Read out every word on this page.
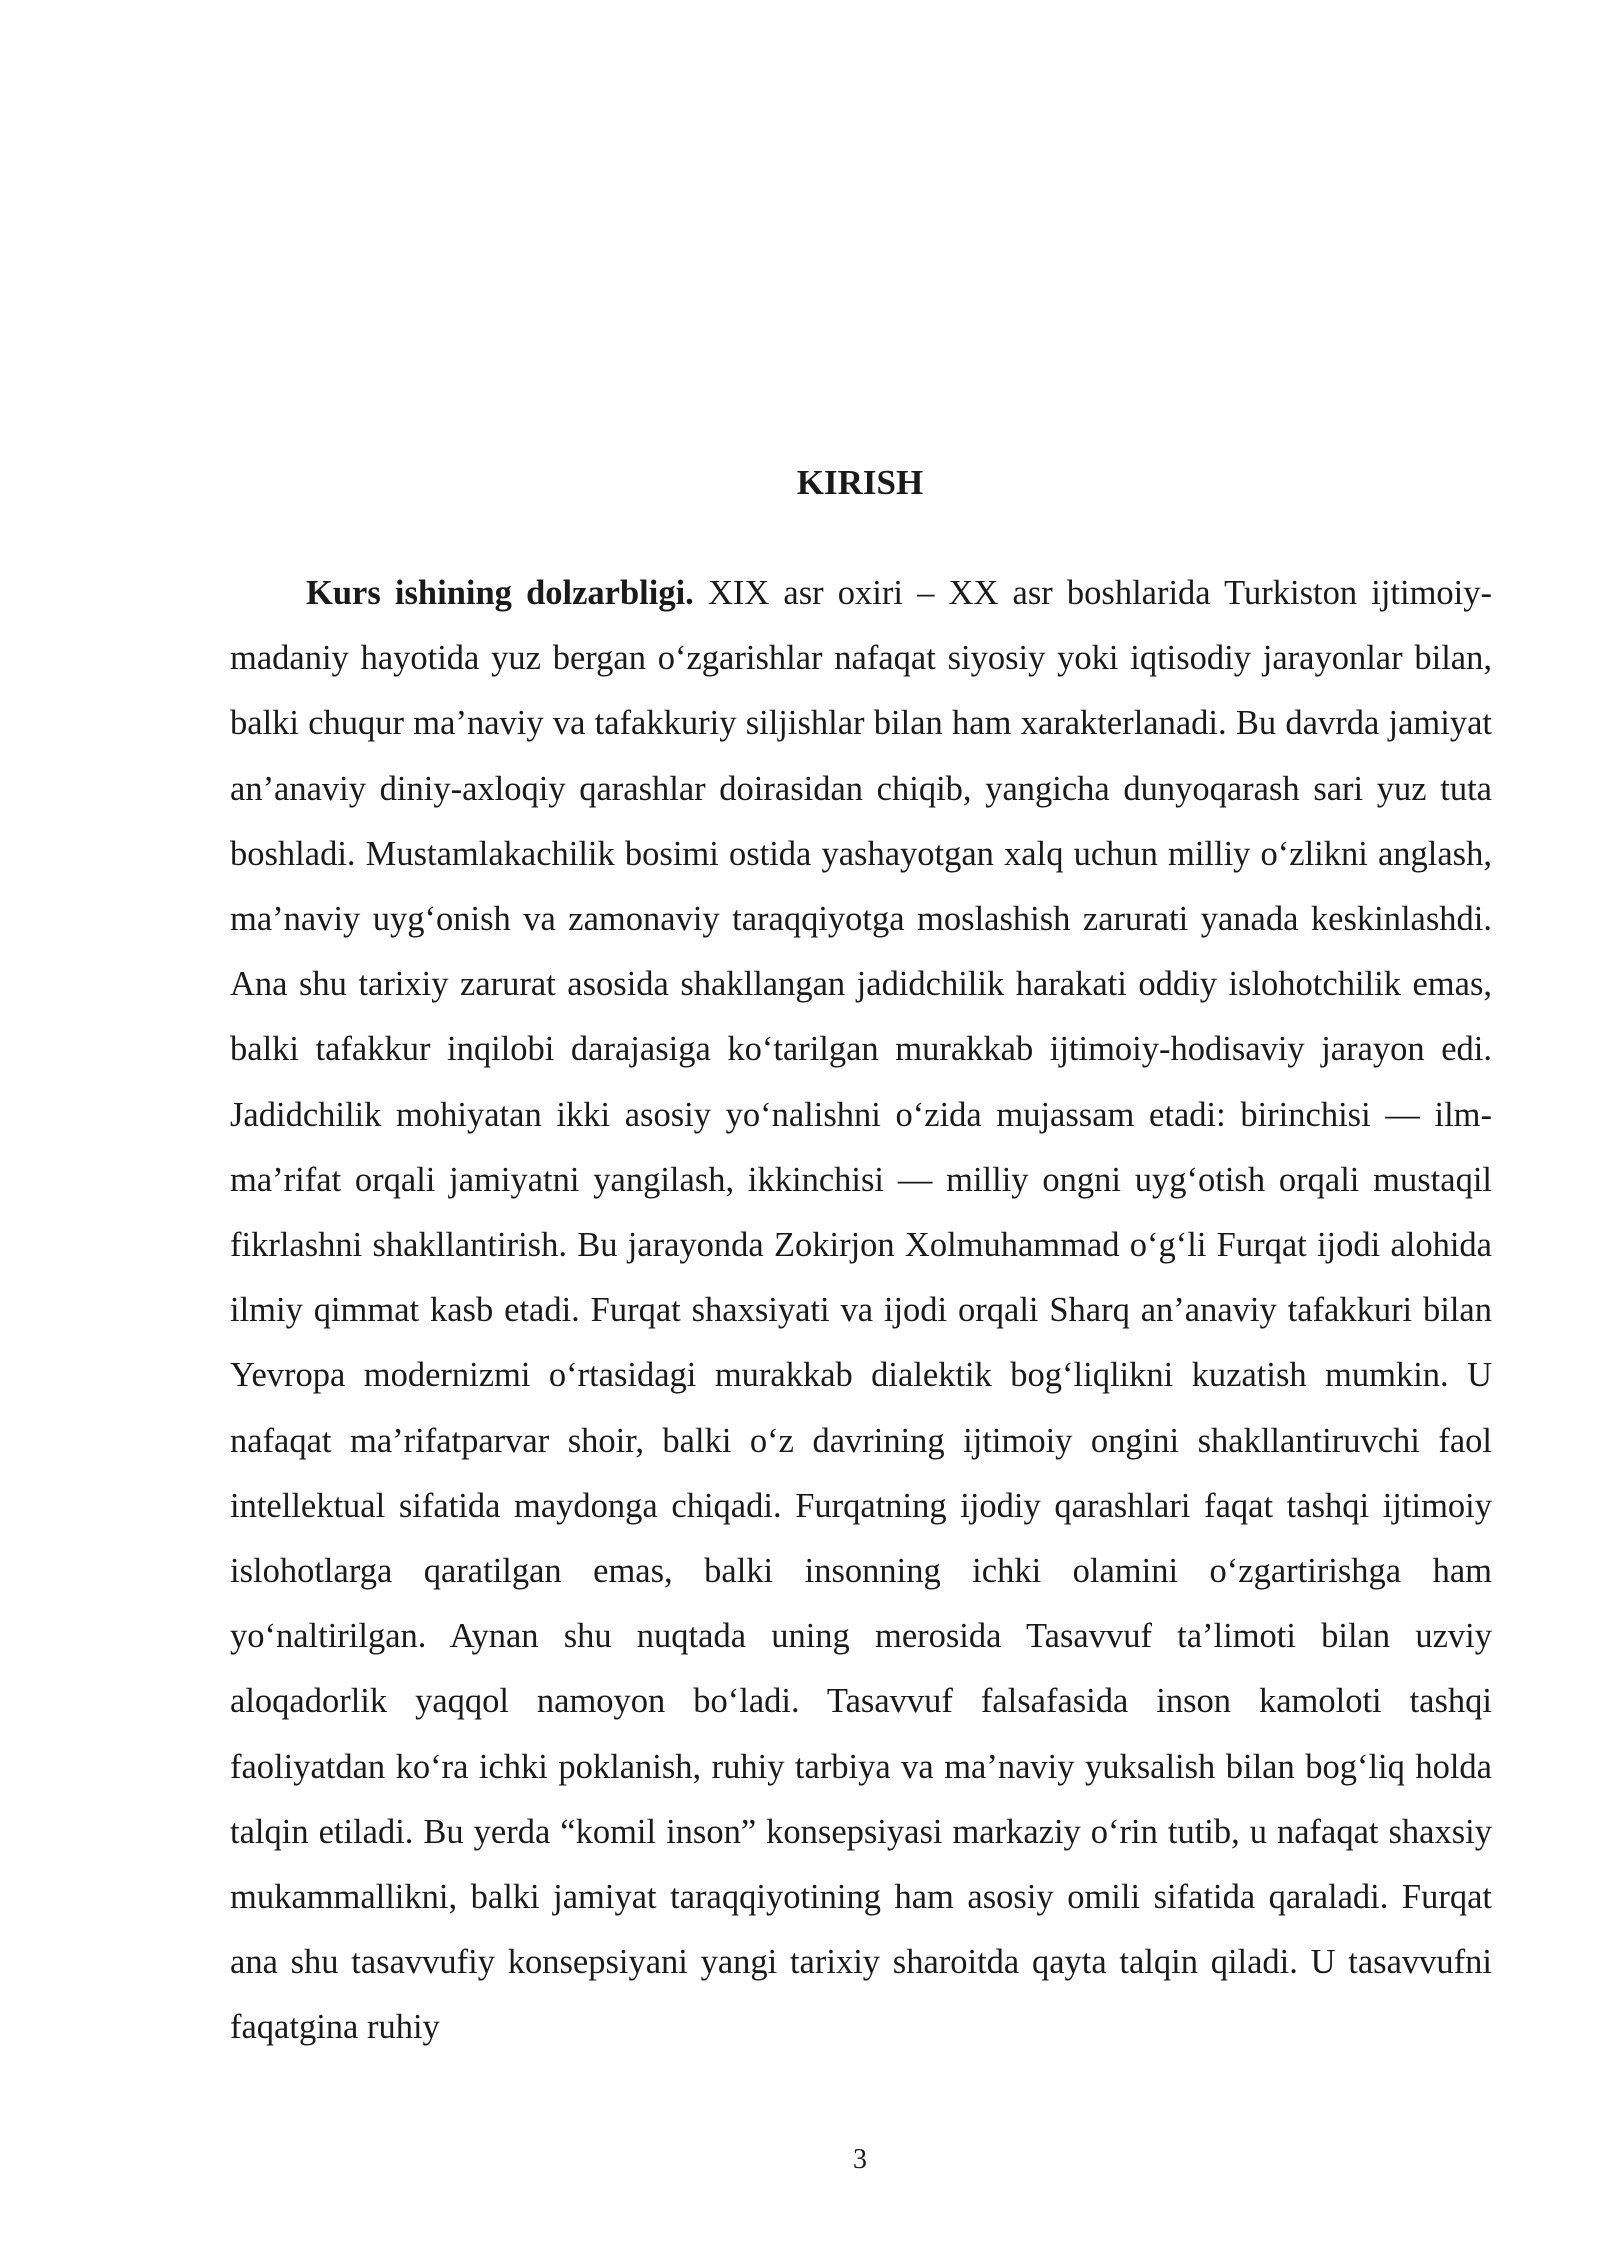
KIRISH

Kurs ishining dolzarbligi. XIX asr oxiri – XX asr boshlarida Turkiston ijtimoiy-madaniy hayotida yuz bergan o‘zgarishlar nafaqat siyosiy yoki iqtisodiy jarayonlar bilan, balki chuqur ma’naviy va tafakkuriy siljishlar bilan ham xarakterlanadi. Bu davrda jamiyat an’anaviy diniy-axloqiy qarashlar doirasidan chiqib, yangicha dunyoqarash sari yuz tuta boshladi. Mustamlakachilik bosimi ostida yashayotgan xalq uchun milliy o‘zlikni anglash, ma’naviy uyg‘onish va zamonaviy taraqqiyotga moslashish zarurati yanada keskinlashdi. Ana shu tarixiy zarurat asosida shakllangan jadidchilik harakati oddiy islohotchilik emas, balki tafakkur inqilobi darajasiga ko‘tarilgan murakkab ijtimoiy-hodisaviy jarayon edi. Jadidchilik mohiyatan ikki asosiy yo‘nalishni o‘zida mujassam etadi: birinchisi — ilm-ma’rifat orqali jamiyatni yangilash, ikkinchisi — milliy ongni uyg‘otish orqali mustaqil fikrlashni shakllantirish. Bu jarayonda Zokirjon Xolmuhammad o‘g‘li Furqat ijodi alohida ilmiy qimmat kasb etadi. Furqat shaxsiyati va ijodi orqali Sharq an’anaviy tafakkuri bilan Yevropa modernizmi o‘rtasidagi murakkab dialektik bog‘liqlikni kuzatish mumkin. U nafaqat ma’rifatparvar shoir, balki o‘z davrining ijtimoiy ongini shakllantiruvchi faol intellektual sifatida maydonga chiqadi. Furqatning ijodiy qarashlari faqat tashqi ijtimoiy islohotlarga qaratilgan emas, balki insonning ichki olamini o‘zgartirishga ham yo‘naltirilgan. Aynan shu nuqtada uning merosida Tasavvuf ta’limoti bilan uzviy aloqadorlik yaqqol namoyon bo‘ladi. Tasavvuf falsafasida inson kamoloti tashqi faoliyatdan ko‘ra ichki poklanish, ruhiy tarbiya va ma’naviy yuksalish bilan bog‘liq holda talqin etiladi. Bu yerda “komil inson” konsepsiyasi markaziy o‘rin tutib, u nafaqat shaxsiy mukammallikni, balki jamiyat taraqqiyotining ham asosiy omili sifatida qaraladi. Furqat ana shu tasavvufiy konsepsiyani yangi tarixiy sharoitda qayta talqin qiladi. U tasavvufni faqatgina ruhiy

3
